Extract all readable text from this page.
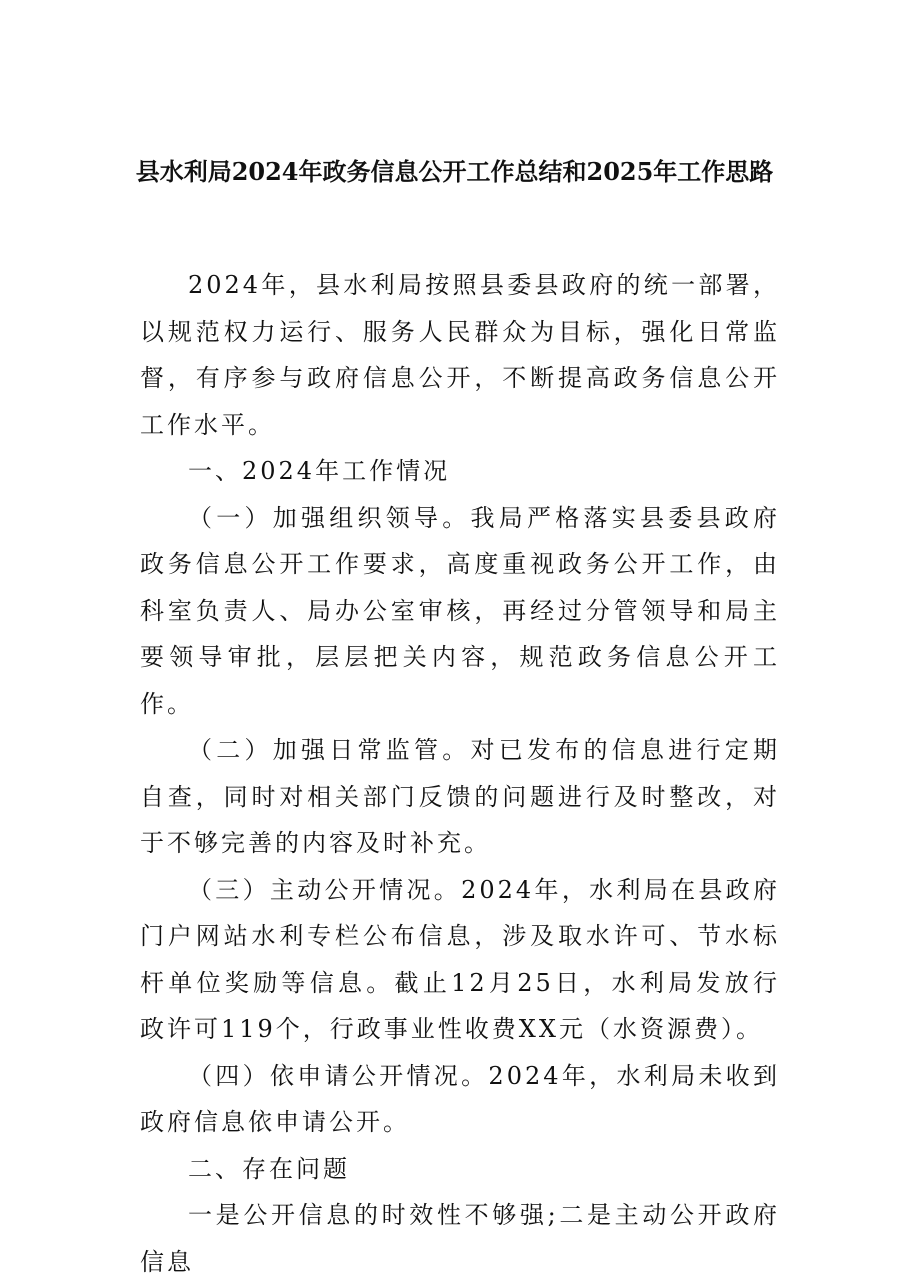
县水利局2024年政务信息公开工作总结和2025年工作思路

2024年，县水利局按照县委县政府的统一部署，以规范权力运行、服务人民群众为目标，强化日常监督，有序参与政府信息公开，不断提高政务信息公开工作水平。

一、2024年工作情况

（一）加强组织领导。我局严格落实县委县政府政务信息公开工作要求，高度重视政务公开工作，由科室负责人、局办公室审核，再经过分管领导和局主要领导审批，层层把关内容，规范政务信息公开工作。

（二）加强日常监管。对已发布的信息进行定期自查，同时对相关部门反馈的问题进行及时整改，对于不够完善的内容及时补充。

（三）主动公开情况。2024年，水利局在县政府门户网站水利专栏公布信息，涉及取水许可、节水标杆单位奖励等信息。截止12月25日，水利局发放行政许可119个，行政事业性收费XX元（水资源费）。

（四）依申请公开情况。2024年，水利局未收到政府信息依申请公开。

二、存在问题

一是公开信息的时效性不够强;二是主动公开政府信息
